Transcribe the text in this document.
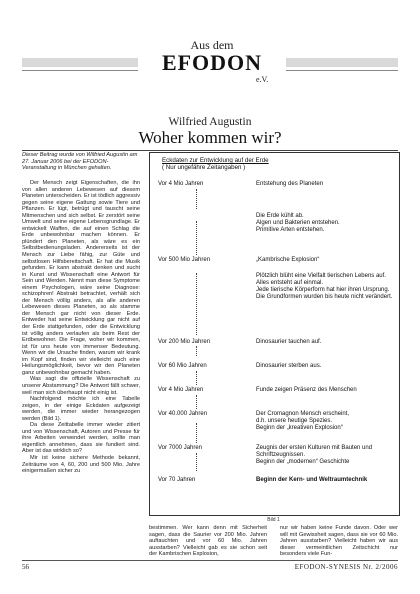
Aus dem
EFODON
e.V.
Wilfried Augustin
Woher kommen wir?
Dieser Beitrag wurde von Wilfried Augustin am 27. Januar 2006 bei der EFODON-Veranstaltung in München gehalten.

Der Mensch zeigt Eigenschaften, die ihn von allen anderen Lebewesen auf diesem Planeten unterscheiden. Er ist tödlich aggressiv gegen seine eigene Gattung sowie Tiere und Pflanzen. Er lügt, betrügt und tauscht seine Mitmenschen und sich selbst. Er zerstört seine Umwelt und seine eigene Lebensgrundlage. Er entwickelt Waffen, die auf einen Schlag die Erde unbewohnbar machen können. Er plündert den Planeten, als wäre es ein Selbstbedienungsladen. Andererseits ist der Mensch zur Liebe fähig, zur Güte und selbstlosen Hilfsbereitschaft. Er hat die Musik gefunden. Er kann abstrakt denken und sucht in Kunst und Wissenschaft eine Antwort für Sein und Werden. Nennt man diese Symptome einem Psychologen, wäre seine Diagnose: schizophren! Abstrakt betrachtet, verhält sich der Mensch völlig anders, als alle anderen Lebewesen dieses Planeten, so als stamme der Mensch gar nicht von dieser Erde. Entweder hat seine Entwicklung gar nicht auf der Erde stattgefunden, oder die Entwicklung ist völlig anders verlaufen als beim Rest der Erdbewohner. Die Frage, woher wir kommen, ist für uns heute von immenser Bedeutung. Wenn wir die Ursache finden, warum wir krank im Kopf sind, finden wir vielleicht auch eine Heilungsmöglichkeit, bevor wir den Planeten ganz unbewohnbar gemacht haben.

Was sagt die offizielle Wissenschaft zu unserer Abstammung? Die Antwort fällt schwer, weil man sich überhaupt nicht einig ist.

Nachfolgend möchte ich eine Tabelle zeigen, in der einige Eckdaten aufgezeigt werden, die immer wieder herangezogen werden (Bild 1).

Da diese Zeittabelle immer wieder zitiert und von Wissenschaft, Autoren und Presse für ihre Arbeiten verwendet werden, sollte man eigentlich annehmen, dass sie fundiert sind. Aber ist das wirklich so?

Mir ist keine sichere Methode bekannt, Zeiträume von 4, 60, 200 und 500 Mio. Jahre einigermaßen sicher zu

Eckdaten zur Entwicklung auf der Erde
( Nur ungefähre Zeitangaben )
Vor 4 Mio Jahren	Entstehung des Planeten
Die Erde kühlt ab.
Algen und Bakterien entstehen.
Primitive Arten entstehen.
Vor 500 Mio Jahren	„Kambrische Explosion“
Plötzlich blüht eine Vielfalt tierischen Lebens auf.
Alles entsteht auf einmal.
Jede tierische Körperform hat hier ihren Ursprung.
Die Grundformen wurden bis heute nicht verändert.
Vor 200 Mio Jahren	Dinosaurier tauchen auf.
Vor 60 Mio Jahren	Dinosaurier sterben aus.
Vor 4 Mio Jahren	Funde zeigen Präsenz des Menschen
Vor 40.000 Jahren	Der Cromagnon Mensch erscheint,
d.h. unsere heutige Spezies.
Beginn der „kreativen Explosion“
Vor 7000 Jahren	Zeugnis der ersten Kulturen mit Bauten und Schriftzeugnissen.
Beginn der „modernen“ Geschichte
Vor 70 Jahren	Beginn der Kern- und Weltraumtechnik
Bild 1
bestimmen. Wer kann denn mit Sicherheit sagen, dass die Saurier vor 200 Mio. Jahren auftauchten und vor 60 Mio. Jahren ausstarben? Vielleicht gab es sie schon seit der Kambrischen Explosion,
nur wir haben keine Funde davon. Oder wer will mit Gewissheit sagen, dass sie vor 60 Mio. Jahren ausstarben? Vielleicht haben wir aus dieser vermeintlichen Zeitschicht nur besonders viele Fun-
56	EFODON-SYNESIS Nr. 2/2006
